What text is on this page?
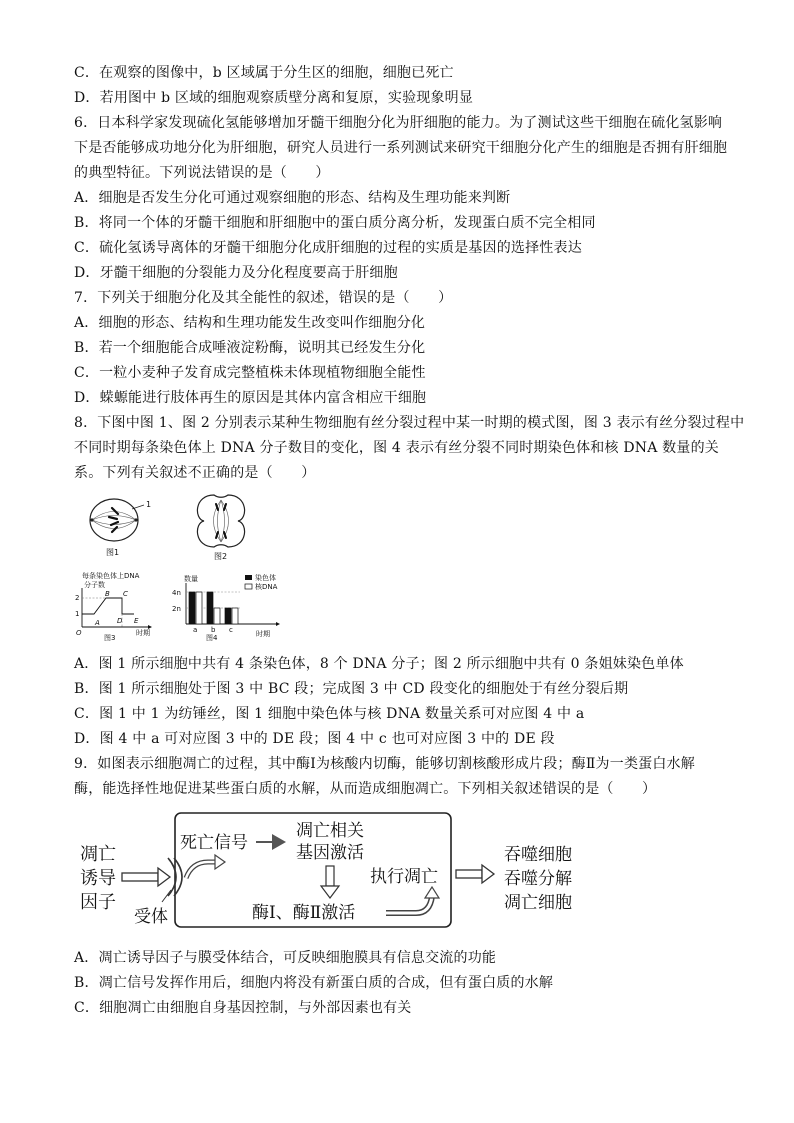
C．在观察的图像中，b 区域属于分生区的细胞，细胞已死亡
D．若用图中 b 区域的细胞观察质壁分离和复原，实验现象明显
6．日本科学家发现硫化氢能够增加牙髓干细胞分化为肝细胞的能力。为了测试这些干细胞在硫化氢影响
下是否能够成功地分化为肝细胞，研究人员进行一系列测试来研究干细胞分化产生的细胞是否拥有肝细胞
的典型特征。下列说法错误的是（　　）
A．细胞是否发生分化可通过观察细胞的形态、结构及生理功能来判断
B．将同一个体的牙髓干细胞和肝细胞中的蛋白质分离分析，发现蛋白质不完全相同
C．硫化氢诱导离体的牙髓干细胞分化成肝细胞的过程的实质是基因的选择性表达
D．牙髓干细胞的分裂能力及分化程度要高于肝细胞
7．下列关于细胞分化及其全能性的叙述，错误的是（　　）
A．细胞的形态、结构和生理功能发生改变叫作细胞分化
B．若一个细胞能合成唾液淀粉酶，说明其已经发生分化
C．一粒小麦种子发育成完整植株未体现植物细胞全能性
D．蝾螈能进行肢体再生的原因是其体内富含相应干细胞
8．下图中图 1、图 2 分别表示某种生物细胞有丝分裂过程中某一时期的模式图，图 3 表示有丝分裂过程中
不同时期每条染色体上 DNA 分子数目的变化，图 4 表示有丝分裂不同时期染色体和核 DNA 数量的关
系。下列有关叙述不正确的是（　　）
1
图1	图2
每条染色体上DNA
分子数
2
1
A
B C
D E
O	时期
图3
数量
4n
2n
a b c
染色体
核DNA
时期
图4
A．图 1 所示细胞中共有 4 条染色体，8 个 DNA 分子；图 2 所示细胞中共有 0 条姐妹染色单体
B．图 1 所示细胞处于图 3 中 BC 段；完成图 3 中 CD 段变化的细胞处于有丝分裂后期
C．图 1 中 1 为纺锤丝，图 1 细胞中染色体与核 DNA 数量关系可对应图 4 中 a
D．图 4 中 a 可对应图 3 中的 DE 段；图 4 中 c 也可对应图 3 中的 DE 段
9．如图表示细胞凋亡的过程，其中酶Ⅰ为核酸内切酶，能够切割核酸形成片段；酶Ⅱ为一类蛋白水解
酶，能选择性地促进某些蛋白质的水解，从而造成细胞凋亡。下列相关叙述错误的是（　　）
凋亡
诱导
因子
受体
死亡信号
凋亡相关
基因激活
酶Ⅰ、酶Ⅱ激活
执行凋亡
吞噬细胞
吞噬分解
凋亡细胞
A．凋亡诱导因子与膜受体结合，可反映细胞膜具有信息交流的功能
B．凋亡信号发挥作用后，细胞内将没有新蛋白质的合成，但有蛋白质的水解
C．细胞凋亡由细胞自身基因控制，与外部因素也有关
